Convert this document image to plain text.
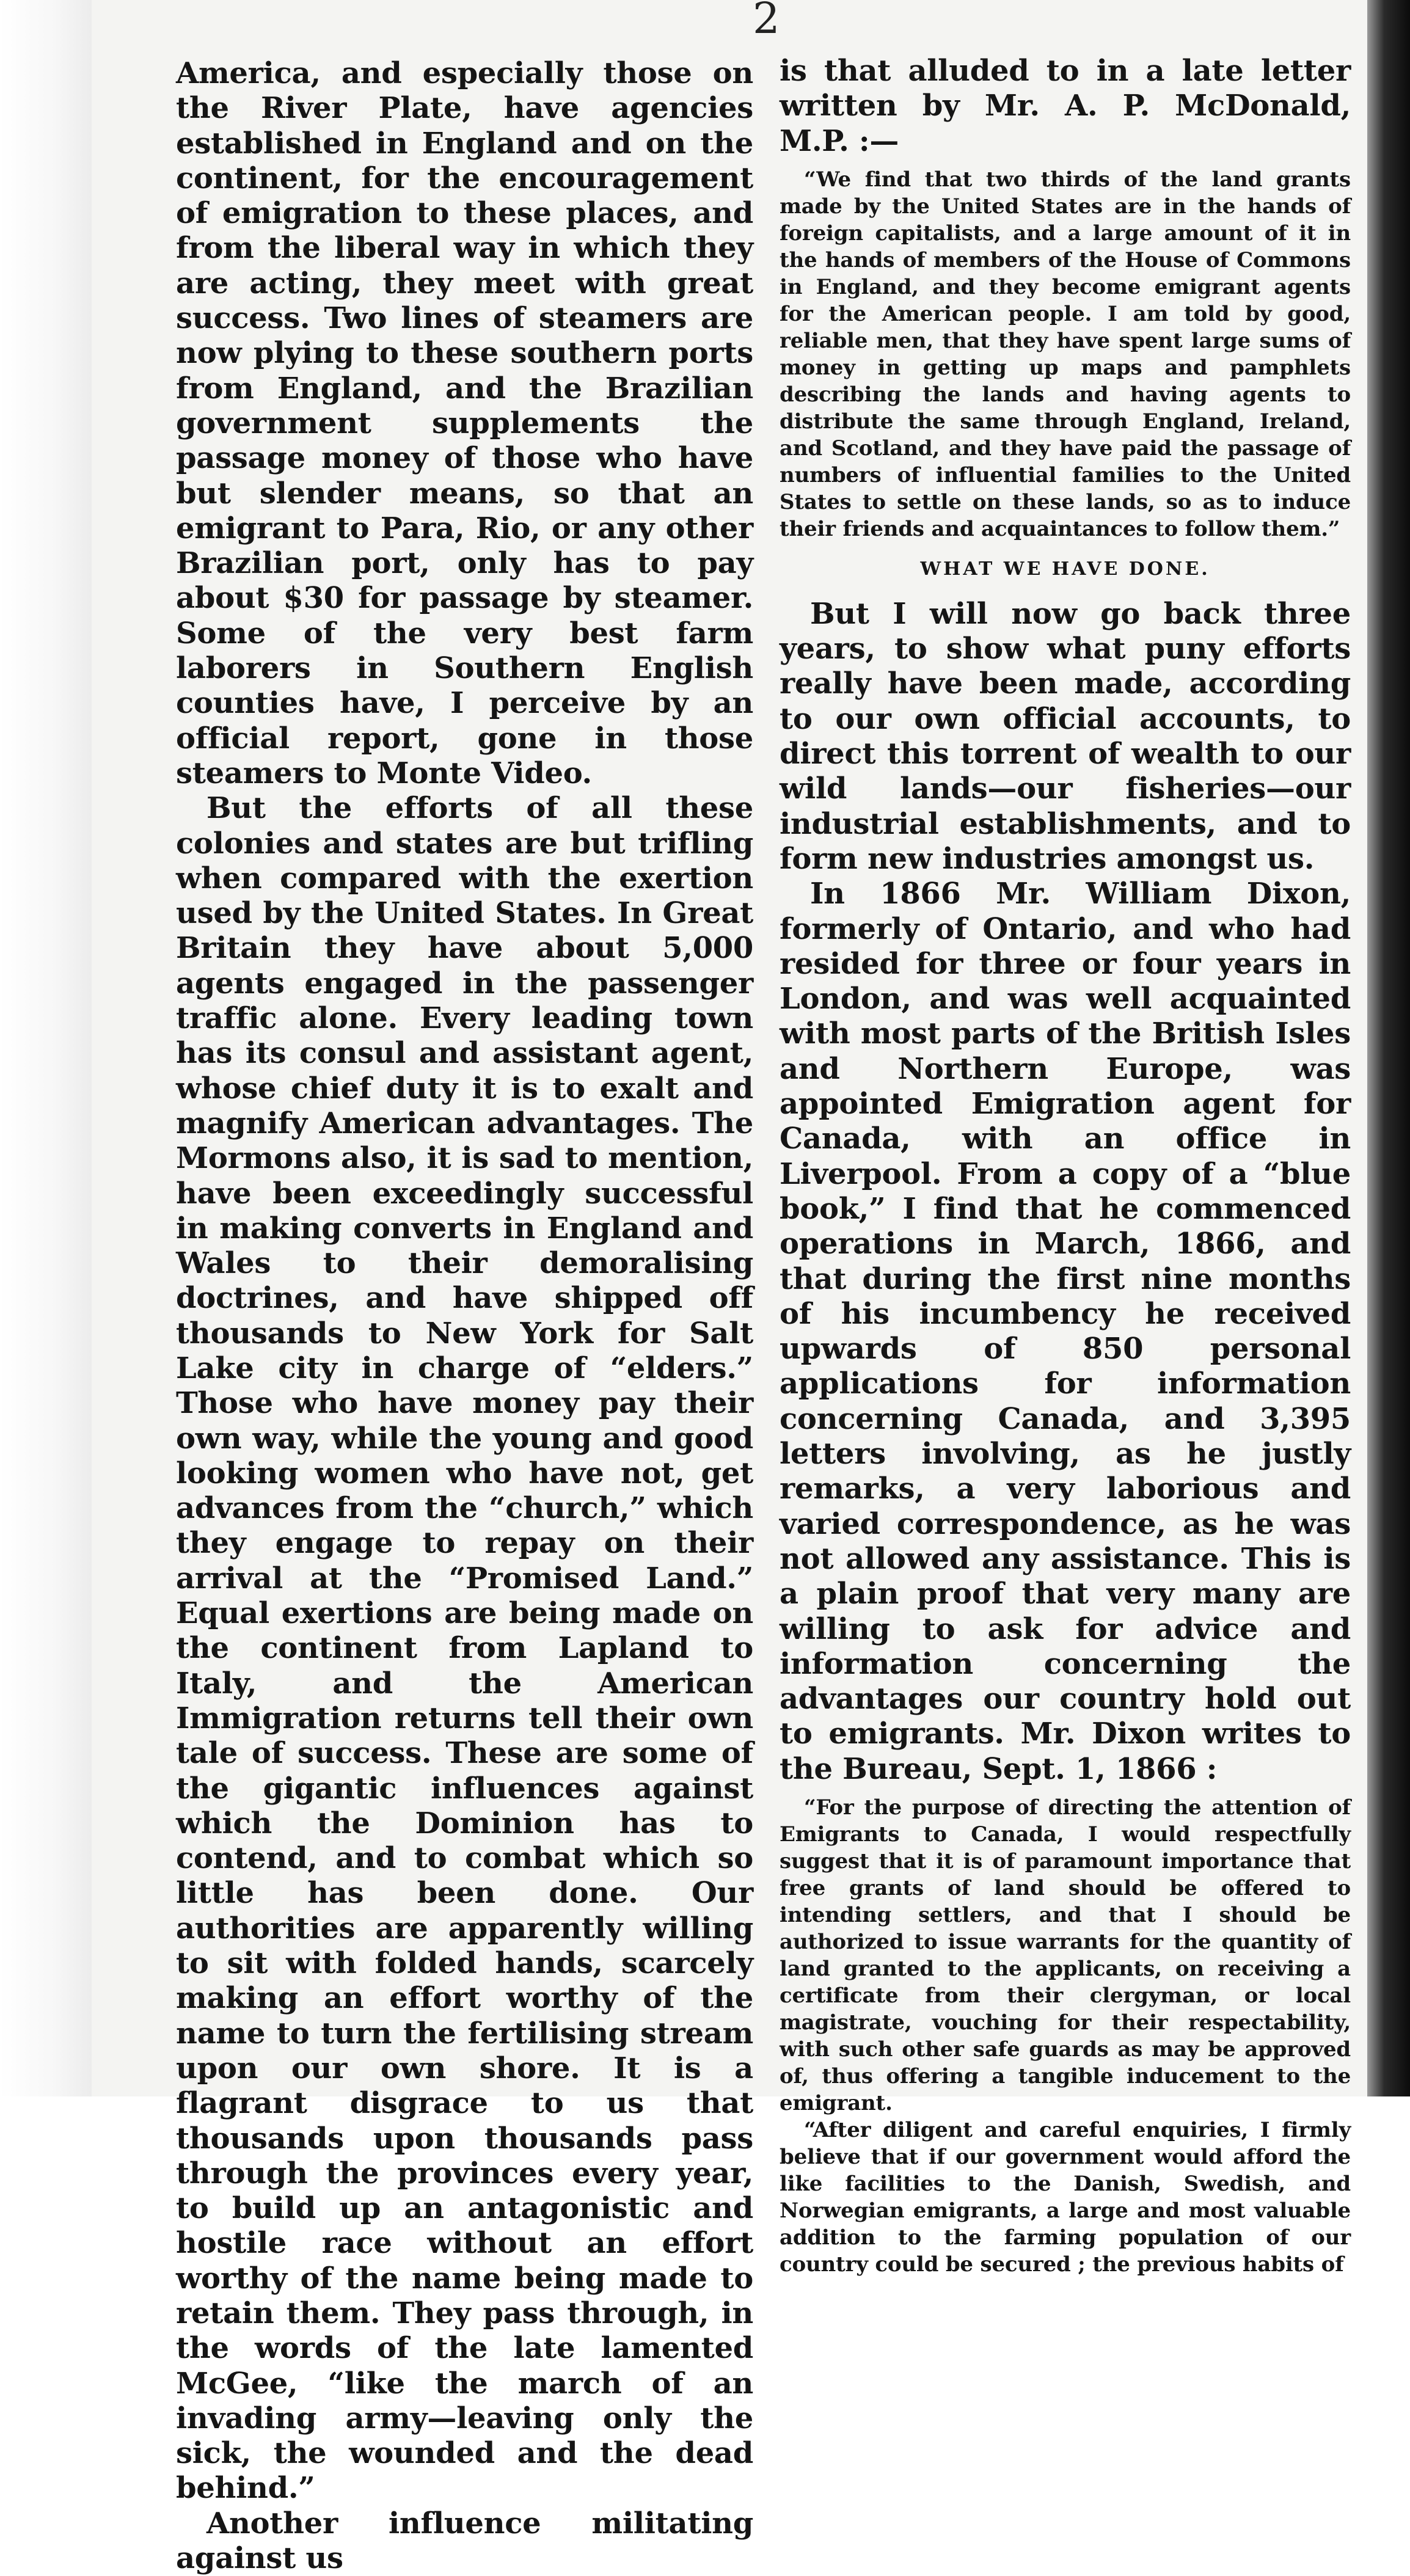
2

America, and especially those on the River Plate, have agencies established in England and on the continent, for the encouragement of emigration to these places, and from the liberal way in which they are acting, they meet with great success. Two lines of steamers are now plying to these southern ports from England, and the Brazilian government supplements the passage money of those who have but slender means, so that an emigrant to Para, Rio, or any other Brazilian port, only has to pay about $30 for passage by steamer. Some of the very best farm laborers in Southern English counties have, I perceive by an official report, gone in those steamers to Monte Video.

But the efforts of all these colonies and states are but trifling when compared with the exertion used by the United States. In Great Britain they have about 5,000 agents engaged in the passenger traffic alone. Every leading town has its consul and assistant agent, whose chief duty it is to exalt and magnify American advantages. The Mormons also, it is sad to mention, have been exceedingly successful in making converts in England and Wales to their demoralising doctrines, and have shipped off thousands to New York for Salt Lake city in charge of “elders.” Those who have money pay their own way, while the young and good looking women who have not, get advances from the “church,” which they engage to repay on their arrival at the “Promised Land.” Equal exertions are being made on the continent from Lapland to Italy, and the American Immigration returns tell their own tale of success. These are some of the gigantic influences against which the Dominion has to contend, and to combat which so little has been done. Our authorities are apparently willing to sit with folded hands, scarcely making an effort worthy of the name to turn the fertilising stream upon our own shore. It is a flagrant disgrace to us that thousands upon thousands pass through the provinces every year, to build up an antagonistic and hostile race without an effort worthy of the name being made to retain them. They pass through, in the words of the late lamented McGee, “like the march of an invading army—leaving only the sick, the wounded and the dead behind.”

Another influence militating against us

is that alluded to in a late letter written by Mr. A. P. McDonald, M.P. :—

“We find that two thirds of the land grants made by the United States are in the hands of foreign capitalists, and a large amount of it in the hands of members of the House of Commons in England, and they become emigrant agents for the American people. I am told by good, reliable men, that they have spent large sums of money in getting up maps and pamphlets describing the lands and having agents to distribute the same through England, Ireland, and Scotland, and they have paid the passage of numbers of influential families to the United States to settle on these lands, so as to induce their friends and acquaintances to follow them.”

WHAT WE HAVE DONE.

But I will now go back three years, to show what puny efforts really have been made, according to our own official accounts, to direct this torrent of wealth to our wild lands—our fisheries—our industrial establishments, and to form new industries amongst us.

In 1866 Mr. William Dixon, formerly of Ontario, and who had resided for three or four years in London, and was well acquainted with most parts of the British Isles and Northern Europe, was appointed Emigration agent for Canada, with an office in Liverpool. From a copy of a “blue book,” I find that he commenced operations in March, 1866, and that during the first nine months of his incumbency he received upwards of 850 personal applications for information concerning Canada, and 3,395 letters involving, as he justly remarks, a very laborious and varied correspondence, as he was not allowed any assistance. This is a plain proof that very many are willing to ask for advice and information concerning the advantages our country hold out to emigrants. Mr. Dixon writes to the Bureau, Sept. 1, 1866 :

“For the purpose of directing the attention of Emigrants to Canada, I would respectfully suggest that it is of paramount importance that free grants of land should be offered to intending settlers, and that I should be authorized to issue warrants for the quantity of land granted to the applicants, on receiving a certificate from their clergyman, or local magistrate, vouching for their respectability, with such other safe guards as may be approved of, thus offering a tangible inducement to the emigrant.

“After diligent and careful enquiries, I firmly believe that if our government would afford the like facilities to the Danish, Swedish, and Norwegian emigrants, a large and most valuable addition to the farming population of our country could be secured ; the previous habits of
